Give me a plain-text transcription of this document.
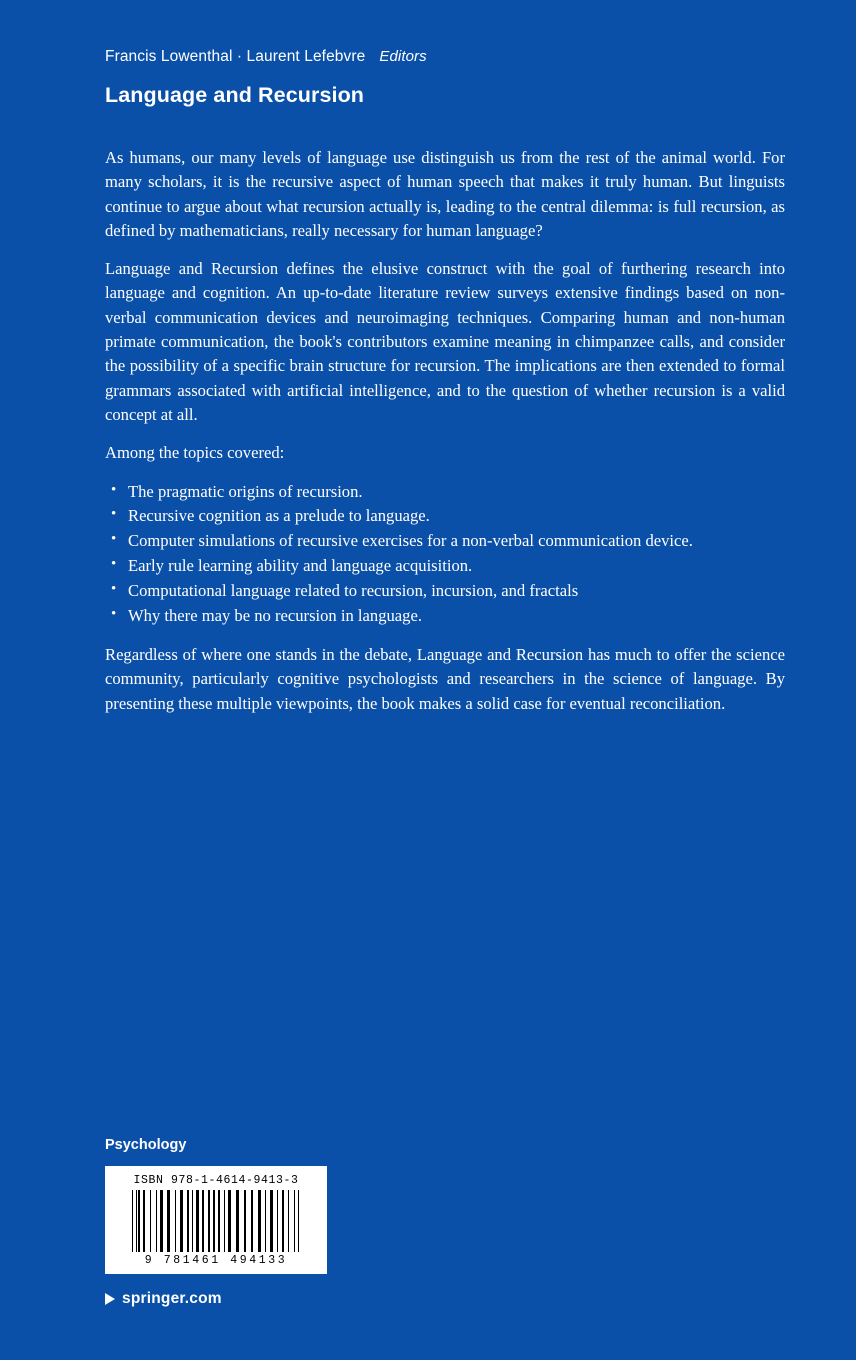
Francis Lowenthal · Laurent Lefebvre Editors
Language and Recursion

As humans, our many levels of language use distinguish us from the rest of the animal world. For many scholars, it is the recursive aspect of human speech that makes it truly human. But linguists continue to argue about what recursion actually is, leading to the central dilemma: is full recursion, as defined by mathematicians, really necessary for human language?

Language and Recursion defines the elusive construct with the goal of furthering research into language and cognition. An up-to-date literature review surveys extensive findings based on non-verbal communication devices and neuroimaging techniques. Comparing human and non-human primate communication, the book's contributors examine meaning in chimpanzee calls, and consider the possibility of a specific brain structure for recursion. The implications are then extended to formal grammars associated with artificial intelligence, and to the question of whether recursion is a valid concept at all.

Among the topics covered:

• The pragmatic origins of recursion.
• Recursive cognition as a prelude to language.
• Computer simulations of recursive exercises for a non-verbal communication device.
• Early rule learning ability and language acquisition.
• Computational language related to recursion, incursion, and fractals
• Why there may be no recursion in language.

Regardless of where one stands in the debate, Language and Recursion has much to offer the science community, particularly cognitive psychologists and researchers in the science of language. By presenting these multiple viewpoints, the book makes a solid case for eventual reconciliation.

Psychology
ISBN 978-1-4614-9413-3
9 781461 494133
springer.com
